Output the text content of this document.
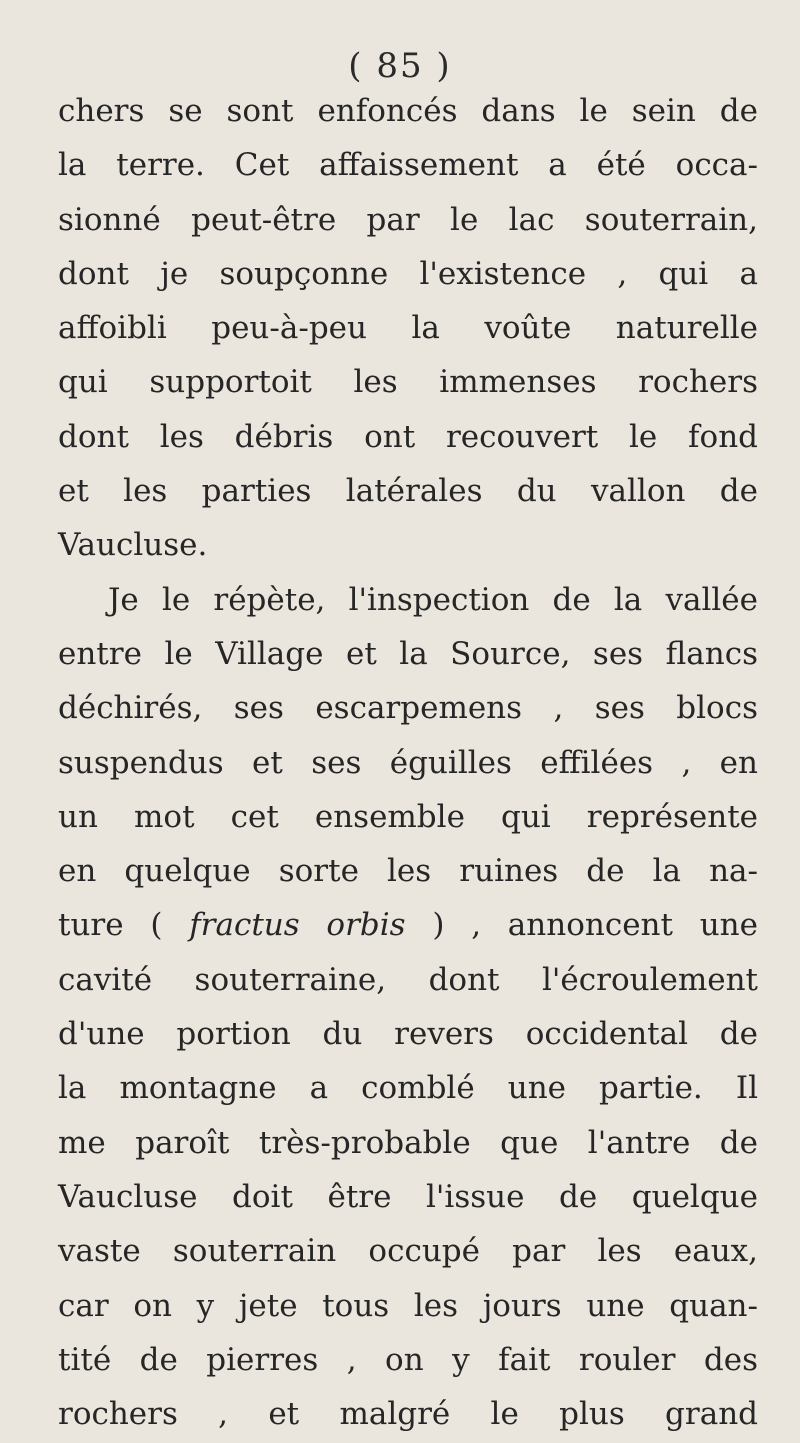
( 85 )
chers se sont enfoncés dans le sein de
la terre. Cet affaissement a été occa-
sionné peut-être par le lac souterrain,
dont je soupçonne l'existence , qui a
affoibli peu-à-peu la voûte naturelle
qui supportoit les immenses rochers
dont les débris ont recouvert le fond
et les parties latérales du vallon de
Vaucluse.
Je le répète, l'inspection de la vallée
entre le Village et la Source, ses flancs
déchirés, ses escarpemens , ses blocs
suspendus et ses éguilles effilées , en
un mot cet ensemble qui représente
en quelque sorte les ruines de la na-
ture ( fractus orbis ) , annoncent une
cavité souterraine, dont l'écroulement
d'une portion du revers occidental de
la montagne a comblé une partie. Il
me paroît très-probable que l'antre de
Vaucluse doit être l'issue de quelque
vaste souterrain occupé par les eaux,
car on y jete tous les jours une quan-
tité de pierres , on y fait rouler des
rochers , et malgré le plus grand
